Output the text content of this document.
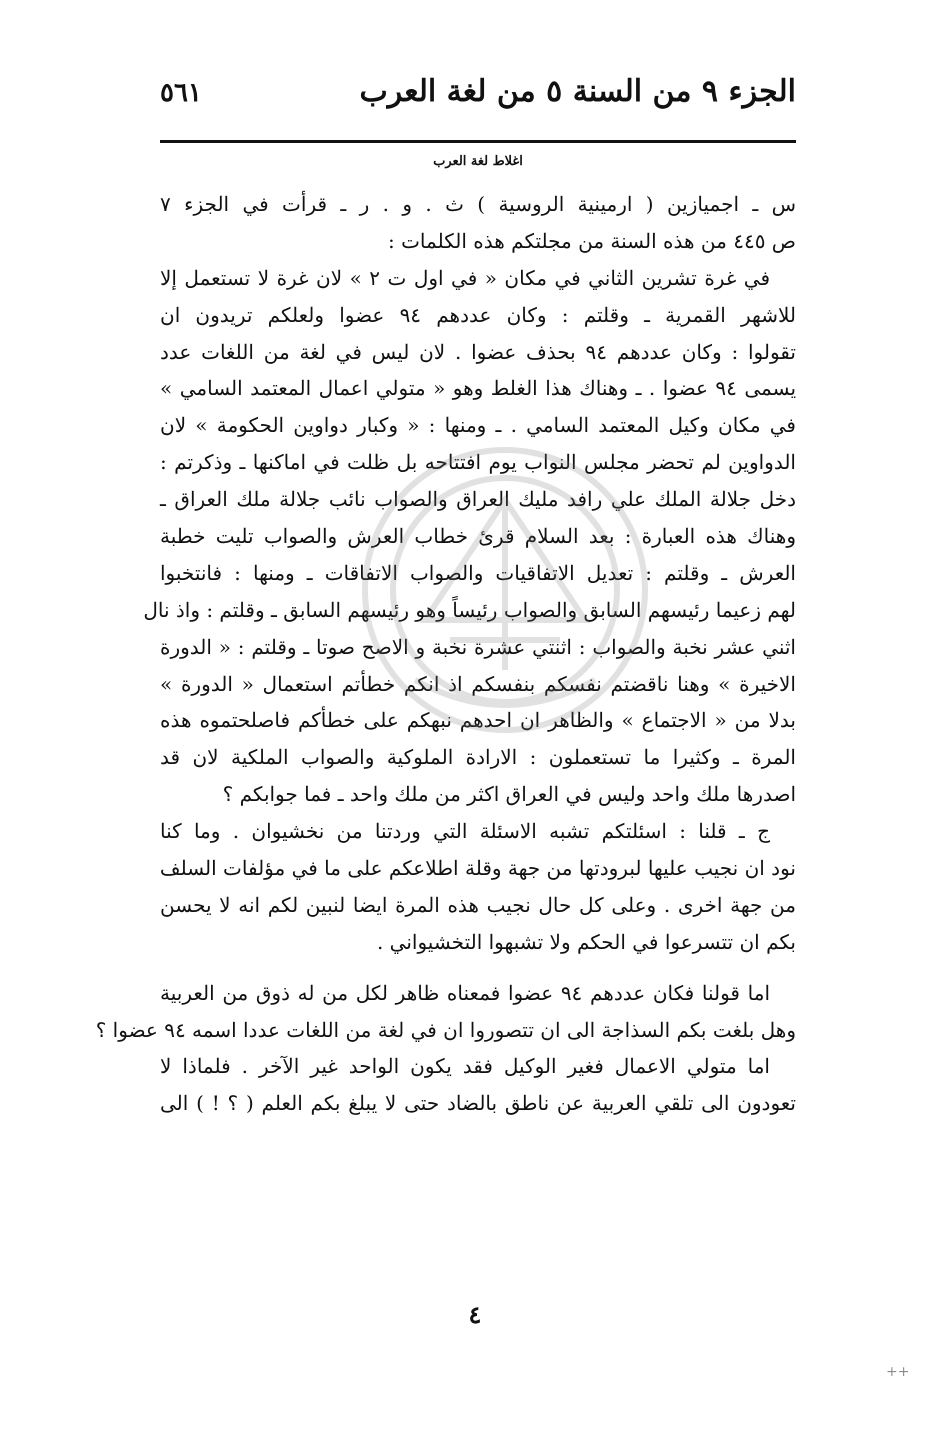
الجزء ٩ من السنة ٥ من لغة العرب
٥٦١
اغلاط لغة العرب
س ـ اجميازين ( ارمينية الروسية ) ث . و . ر ـ قرأت في الجزء ٧
ص ٤٤٥ من هذه السنة من مجلتكم هذه الكلمات :
في غرة تشرين الثاني في مكان « في اول ت ٢ » لان غرة لا تستعمل إلا
للاشهر القمرية ـ وقلتم : وكان عددهم ٩٤ عضوا ولعلكم تريدون ان
تقولوا : وكان عددهم ٩٤ بحذف عضوا . لان ليس في لغة من اللغات عدد
يسمى ٩٤ عضوا . ـ وهناك هذا الغلط وهو « متولي اعمال المعتمد السامي »
في مكان وكيل المعتمد السامي . ـ ومنها : « وكبار دواوين الحكومة » لان
الدواوين لم تحضر مجلس النواب يوم افتتاحه بل ظلت في اماكنها ـ وذكرتم :
دخل جلالة الملك علي رافد مليك العراق والصواب نائب جلالة ملك العراق ـ
وهناك هذه العبارة : بعد السلام قرئ خطاب العرش والصواب تليت خطبة
العرش ـ وقلتم : تعديل الاتفاقيات والصواب الاتفاقات ـ ومنها : فانتخبوا
لهم زعيما رئيسهم السابق والصواب رئيساً وهو رئيسهم السابق ـ وقلتم : واذ نال
اثني عشر نخبة والصواب : اثنتي عشرة نخبة و الاصح صوتا ـ وقلتم : « الدورة
الاخيرة » وهنا ناقضتم نفسكم بنفسكم اذ انكم خطأتم استعمال « الدورة »
بدلا من « الاجتماع » والظاهر ان احدهم نبهكم على خطأكم فاصلحتموه هذه
المرة ـ وكثيرا ما تستعملون : الارادة الملوكية والصواب الملكية لان قد
اصدرها ملك واحد وليس في العراق اكثر من ملك واحد ـ فما جوابكم ؟
ج ـ قلنا : اسئلتكم تشبه الاسئلة التي وردتنا من نخشيوان . وما كنا
نود ان نجيب عليها لبرودتها من جهة وقلة اطلاعكم على ما في مؤلفات السلف
من جهة اخرى . وعلى كل حال نجيب هذه المرة ايضا لنبين لكم انه لا يحسن
بكم ان تتسرعوا في الحكم ولا تشبهوا التخشيواني .
اما قولنا فكان عددهم ٩٤ عضوا فمعناه ظاهر لكل من له ذوق من العربية
وهل بلغت بكم السذاجة الى ان تتصوروا ان في لغة من اللغات عددا اسمه ٩٤ عضوا ؟
اما متولي الاعمال فغير الوكيل فقد يكون الواحد غير الآخر . فلماذا لا
تعودون الى تلقي العربية عن ناطق بالضاد حتى لا يبلغ بكم العلم ( ؟ ! ) الى
٤
++
